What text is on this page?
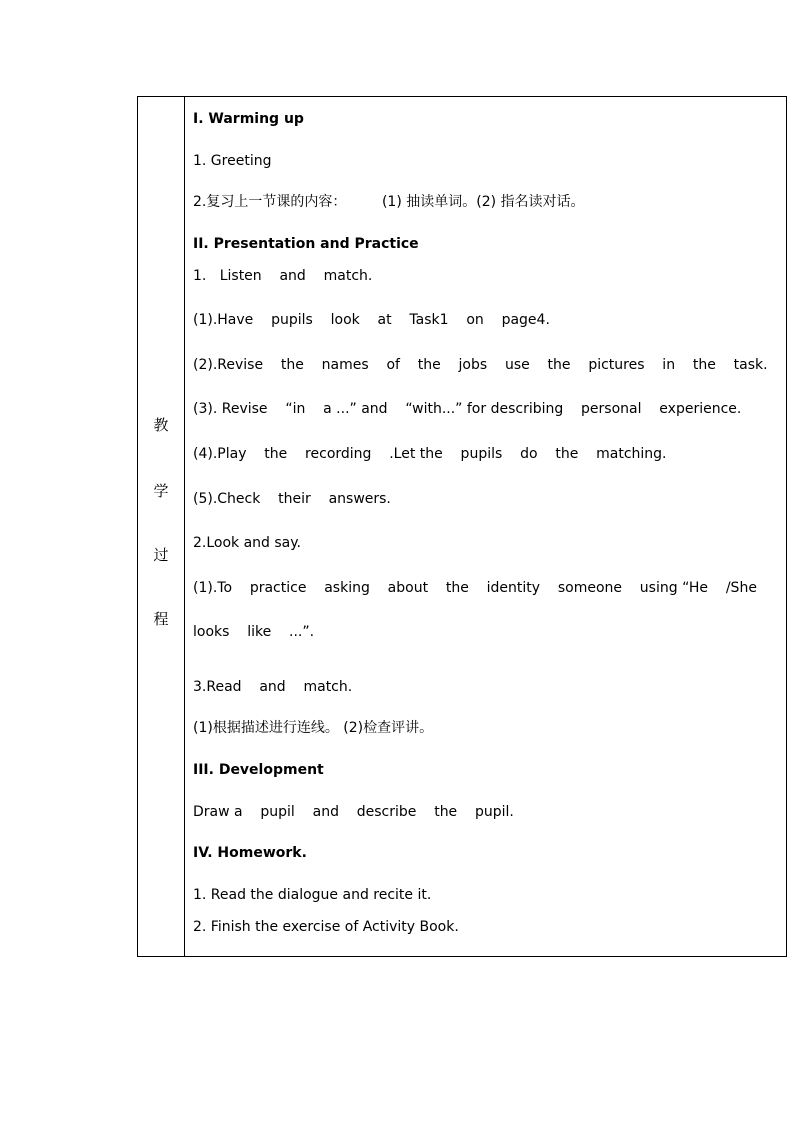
教
学
过
程
I. Warming up
1. Greeting
2.复习上一节课的内容：        (1) 抽读单词。(2) 指名读对话。
II. Presentation and Practice
1.   Listen    and    match.
(1).Have    pupils    look    at    Task1    on    page4.
(2).Revise    the    names    of    the    jobs    use    the    pictures    in    the    task.
(3). Revise    “in    a ...” and    “with...” for describing    personal    experience.
(4).Play    the    recording    .Let the    pupils    do    the    matching.
(5).Check    their    answers.
2.Look and say.
(1).To    practice    asking    about    the    identity    someone    using “He    /She
looks    like    ...”.
3.Read    and    match.
(1)根据描述进行连线。 (2)检查评讲。
III. Development
Draw a    pupil    and    describe    the    pupil.
IV. Homework.
1. Read the dialogue and recite it.
2. Finish the exercise of Activity Book.
